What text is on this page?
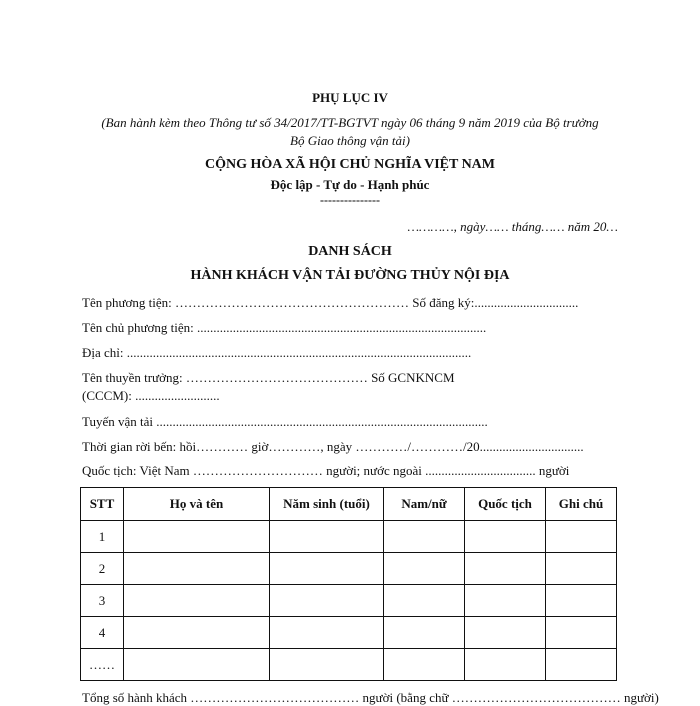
PHỤ LỤC IV
(Ban hành kèm theo Thông tư số 34/2017/TT-BGTVT ngày 06 tháng 9 năm 2019 của Bộ trưởng
Bộ Giao thông vận tải)
CỘNG HÒA XÃ HỘI CHỦ NGHĨA VIỆT NAM
Độc lập - Tự do - Hạnh phúc
---------------
…………, ngày…… tháng…… năm 20…
DANH SÁCH
HÀNH KHÁCH VẬN TẢI ĐƯỜNG THỦY NỘI ĐỊA
Tên phương tiện: ……………………………………………… Số đăng ký:................................
Tên chủ phương tiện: .........................................................................................
Địa chỉ: ..........................................................................................................
Tên thuyền trưởng: …………………………………… Số GCNKNCM
(CCCM): ..........................
Tuyến vận tải ......................................................................................................
Thời gian rời bến: hồi………… giờ…………, ngày …………/…………/20................................
Quốc tịch: Việt Nam ………………………… người; nước ngoài .................................. người
STT	Họ và tên	Năm sinh (tuổi)	Nam/nữ	Quốc tịch	Ghi chú
1					
2					
3					
4					
……					
Tổng số hành khách ………………………………… người (bằng chữ ………………………………… người)
